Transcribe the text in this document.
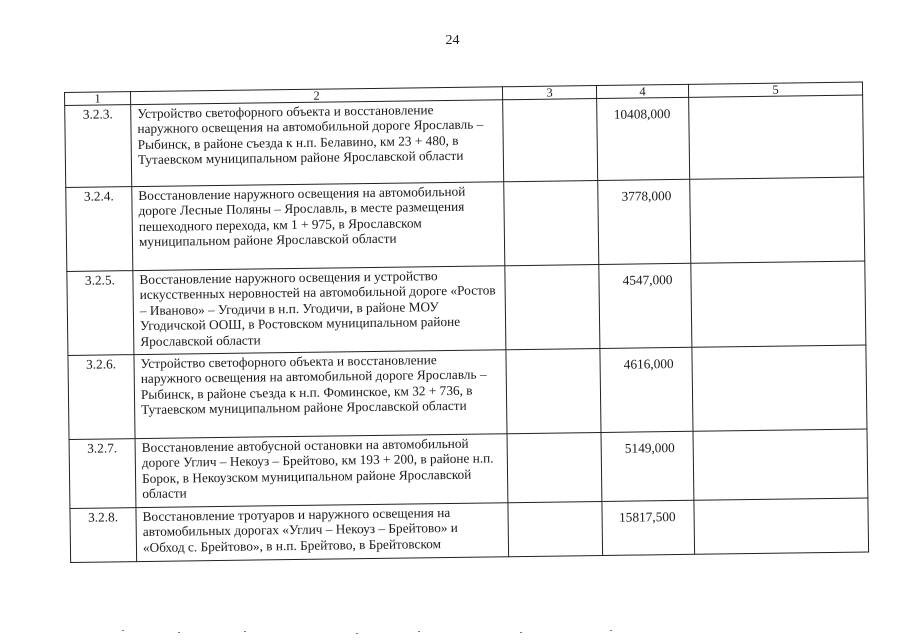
24
1	2	3	4	5
3.2.3.	Устройство светофорного объекта и восстановление наружного освещения на автомобильной дороге Ярославль – Рыбинск, в районе съезда к н.п. Белавино, км 23 + 480, в Тутаевском муниципальном районе Ярославской области		10408,000	
3.2.4.	Восстановление наружного освещения на автомобильной дороге Лесные Поляны – Ярославль, в месте размещения пешеходного перехода, км 1 + 975, в Ярославском муниципальном районе Ярославской области		3778,000	
3.2.5.	Восстановление наружного освещения и устройство искусственных неровностей на автомобильной дороге «Ростов – Иваново» – Угодичи в н.п. Угодичи, в районе МОУ Угодичской ООШ, в Ростовском муниципальном районе Ярославской области		4547,000	
3.2.6.	Устройство светофорного объекта и восстановление наружного освещения на автомобильной дороге Ярославль – Рыбинск, в районе съезда к н.п. Фоминское, км 32 + 736, в Тутаевском муниципальном районе Ярославской области		4616,000	
3.2.7.	Восстановление автобусной остановки на автомобильной дороге Углич – Некоуз – Брейтово, км 193 + 200, в районе н.п. Борок, в Некоузском муниципальном районе Ярославской области		5149,000	
3.2.8.	Восстановление тротуаров и наружного освещения на автомобильных дорогах «Углич – Некоуз – Брейтово» и «Обход с. Брейтово», в н.п. Брейтово, в Брейтовском		15817,500	
